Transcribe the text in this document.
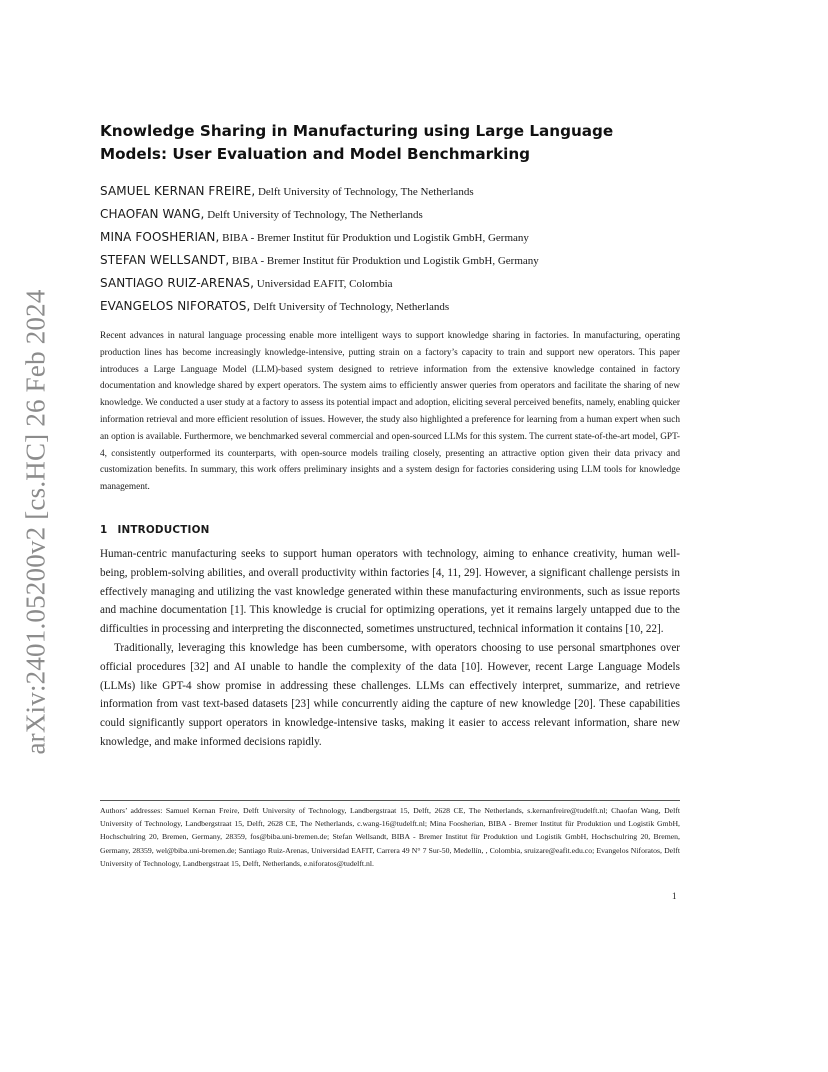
arXiv:2401.05200v2 [cs.HC] 26 Feb 2024
Knowledge Sharing in Manufacturing using Large Language Models: User Evaluation and Model Benchmarking
SAMUEL KERNAN FREIRE, Delft University of Technology, The Netherlands
CHAOFAN WANG, Delft University of Technology, The Netherlands
MINA FOOSHERIAN, BIBA - Bremer Institut für Produktion und Logistik GmbH, Germany
STEFAN WELLSANDT, BIBA - Bremer Institut für Produktion und Logistik GmbH, Germany
SANTIAGO RUIZ-ARENAS, Universidad EAFIT, Colombia
EVANGELOS NIFORATOS, Delft University of Technology, Netherlands

Recent advances in natural language processing enable more intelligent ways to support knowledge sharing in factories. In manufacturing, operating production lines has become increasingly knowledge-intensive, putting strain on a factory’s capacity to train and support new operators. This paper introduces a Large Language Model (LLM)-based system designed to retrieve information from the extensive knowledge contained in factory documentation and knowledge shared by expert operators. The system aims to efficiently answer queries from operators and facilitate the sharing of new knowledge. We conducted a user study at a factory to assess its potential impact and adoption, eliciting several perceived benefits, namely, enabling quicker information retrieval and more efficient resolution of issues. However, the study also highlighted a preference for learning from a human expert when such an option is available. Furthermore, we benchmarked several commercial and open-sourced LLMs for this system. The current state-of-the-art model, GPT-4, consistently outperformed its counterparts, with open-source models trailing closely, presenting an attractive option given their data privacy and customization benefits. In summary, this work offers preliminary insights and a system design for factories considering using LLM tools for knowledge management.

1 INTRODUCTION

Human-centric manufacturing seeks to support human operators with technology, aiming to enhance creativity, human well-being, problem-solving abilities, and overall productivity within factories [4, 11, 29]. However, a significant challenge persists in effectively managing and utilizing the vast knowledge generated within these manufacturing environments, such as issue reports and machine documentation [1]. This knowledge is crucial for optimizing operations, yet it remains largely untapped due to the difficulties in processing and interpreting the disconnected, sometimes unstructured, technical information it contains [10, 22].

Traditionally, leveraging this knowledge has been cumbersome, with operators choosing to use personal smartphones over official procedures [32] and AI unable to handle the complexity of the data [10]. However, recent Large Language Models (LLMs) like GPT-4 show promise in addressing these challenges. LLMs can effectively interpret, summarize, and retrieve information from vast text-based datasets [23] while concurrently aiding the capture of new knowledge [20]. These capabilities could significantly support operators in knowledge-intensive tasks, making it easier to access relevant information, share new knowledge, and make informed decisions rapidly.

Authors’ addresses: Samuel Kernan Freire, Delft University of Technology, Landbergstraat 15, Delft, 2628 CE, The Netherlands, s.kernanfreire@tudelft.nl; Chaofan Wang, Delft University of Technology, Landbergstraat 15, Delft, 2628 CE, The Netherlands, c.wang-16@tudelft.nl; Mina Foosherian, BIBA - Bremer Institut für Produktion und Logistik GmbH, Hochschulring 20, Bremen, Germany, 28359, fos@biba.uni-bremen.de; Stefan Wellsandt, BIBA - Bremer Institut für Produktion und Logistik GmbH, Hochschulring 20, Bremen, Germany, 28359, wel@biba.uni-bremen.de; Santiago Ruiz-Arenas, Universidad EAFIT, Carrera 49 N° 7 Sur-50, Medellín, , Colombia, sruizare@eafit.edu.co; Evangelos Niforatos, Delft University of Technology, Landbergstraat 15, Delft, Netherlands, e.niforatos@tudelft.nl.

1
